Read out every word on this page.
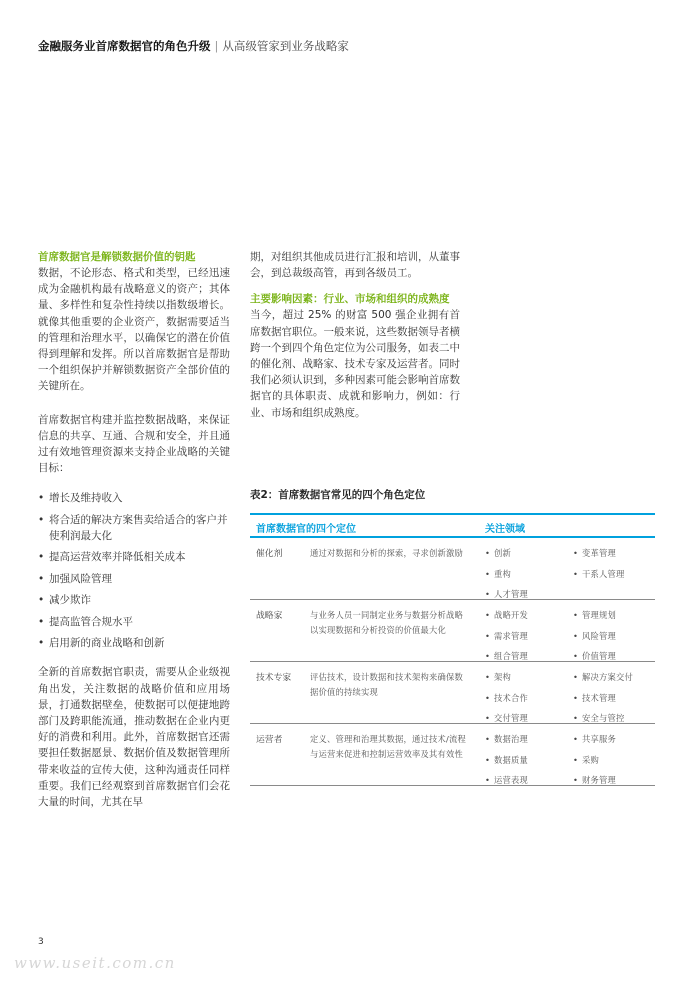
金融服务业首席数据官的角色升级 | 从高级管家到业务战略家
首席数据官是解锁数据价值的钥匙

数据，不论形态、格式和类型，已经迅速成为金融机构最有战略意义的资产；其体量、多样性和复杂性持续以指数级增长。就像其他重要的企业资产，数据需要适当的管理和治理水平，以确保它的潜在价值得到理解和发挥。所以首席数据官是帮助一个组织保护并解锁数据资产全部价值的关键所在。

首席数据官构建并监控数据战略，来保证信息的共享、互通、合规和安全，并且通过有效地管理资源来支持企业战略的关键目标：

• 增长及维持收入
• 将合适的解决方案售卖给适合的客户并使利润最大化
• 提高运营效率并降低相关成本
• 加强风险管理
• 减少欺诈
• 提高监管合规水平
• 启用新的商业战略和创新

全新的首席数据官职责，需要从企业级视角出发，关注数据的战略价值和应用场景，打通数据壁垒，使数据可以便捷地跨部门及跨职能流通，推动数据在企业内更好的消费和利用。此外，首席数据官还需要担任数据愿景、数据价值及数据管理所带来收益的宣传大使，这种沟通责任同样重要。我们已经观察到首席数据官们会花大量的时间，尤其在早

期，对组织其他成员进行汇报和培训，从董事会，到总裁级高管，再到各级员工。

主要影响因素：行业、市场和组织的成熟度

当今，超过 25% 的财富 500 强企业拥有首席数据官职位。一般来说，这些数据领导者横跨一个到四个角色定位为公司服务，如表二中的催化剂、战略家、技术专家及运营者。同时我们必须认识到，多种因素可能会影响首席数据官的具体职责、成就和影响力，例如：行业、市场和组织成熟度。

表2：首席数据官常见的四个角色定位
首席数据官的四个定位	关注领域
催化剂	通过对数据和分析的探索，寻求创新激励	• 创新	• 变革管理
• 重构	• 干系人管理
• 人才管理
战略家	与业务人员一同制定业务与数据分析战略以实现数据和分析投资的价值最大化
• 战略开发	• 管理规划
• 需求管理	• 风险管理
• 组合管理	• 价值管理
技术专家 评估技术，设计数据和技术架构来确保数据价值的持续实现
• 架构	• 解决方案交付
• 技术合作	• 技术管理
• 交付管理	• 安全与管控
运营者	定义、管理和治理其数据，通过技术/流程与运营来促进和控制运营效率及其有效性
• 数据治理	• 共享服务
• 数据质量	• 采购
• 运营表现	• 财务管理
3
www.useit.com.cn
